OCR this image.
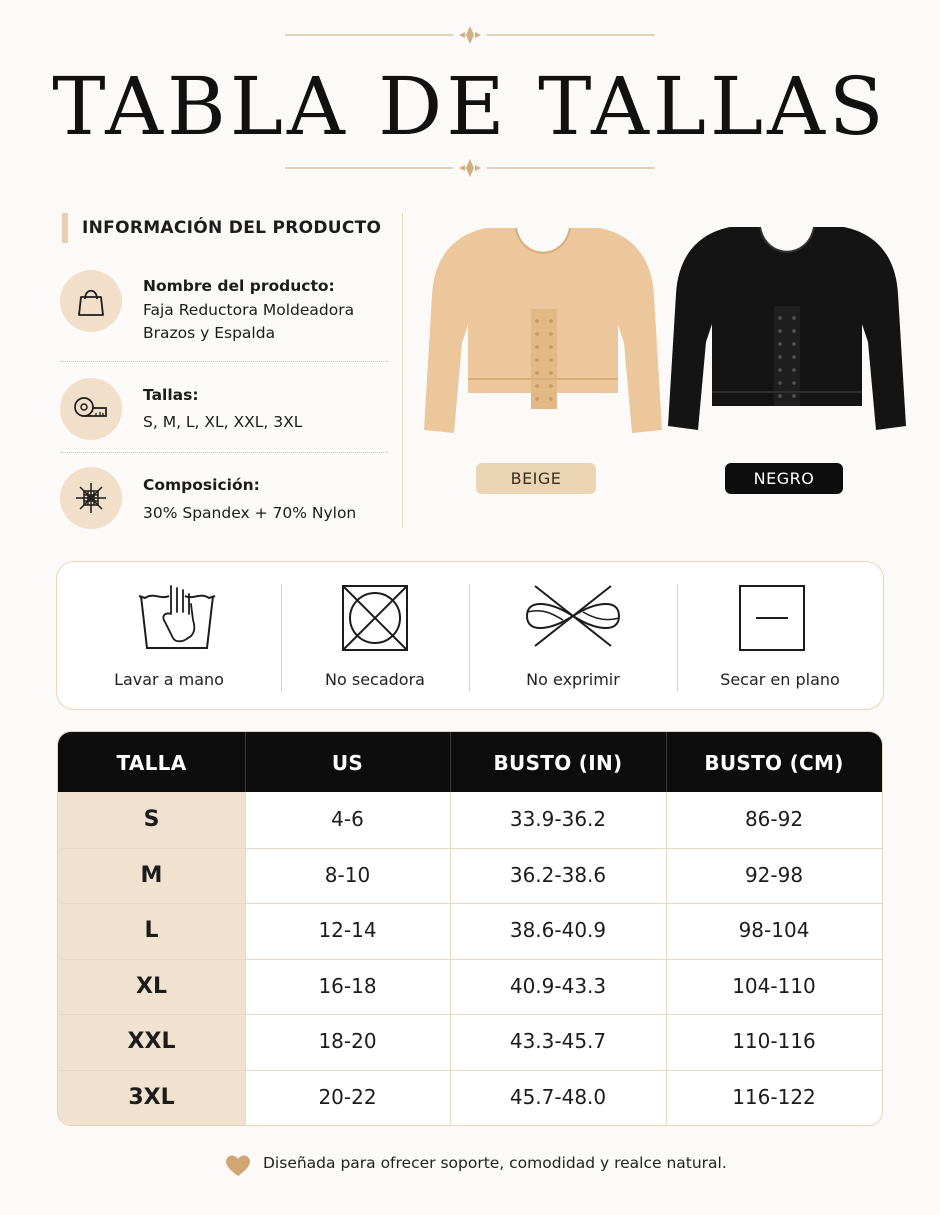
TABLA DE TALLAS
INFORMACIÓN DEL PRODUCTO
Nombre del producto:
Faja Reductora Moldeadora Brazos y Espalda
Tallas:
S, M, L, XL, XXL, 3XL
Composición:
30% Spandex + 70% Nylon
BEIGE	NEGRO
Lavar a mano	No secadora	No exprimir	Secar en plano
TALLA	US	BUSTO (IN)	BUSTO (CM)
S	4-6	33.9-36.2	86-92
M	8-10	36.2-38.6	92-98
L	12-14	38.6-40.9	98-104
XL	16-18	40.9-43.3	104-110
XXL	18-20	43.3-45.7	110-116
3XL	20-22	45.7-48.0	116-122
Diseñada para ofrecer soporte, comodidad y realce natural.
